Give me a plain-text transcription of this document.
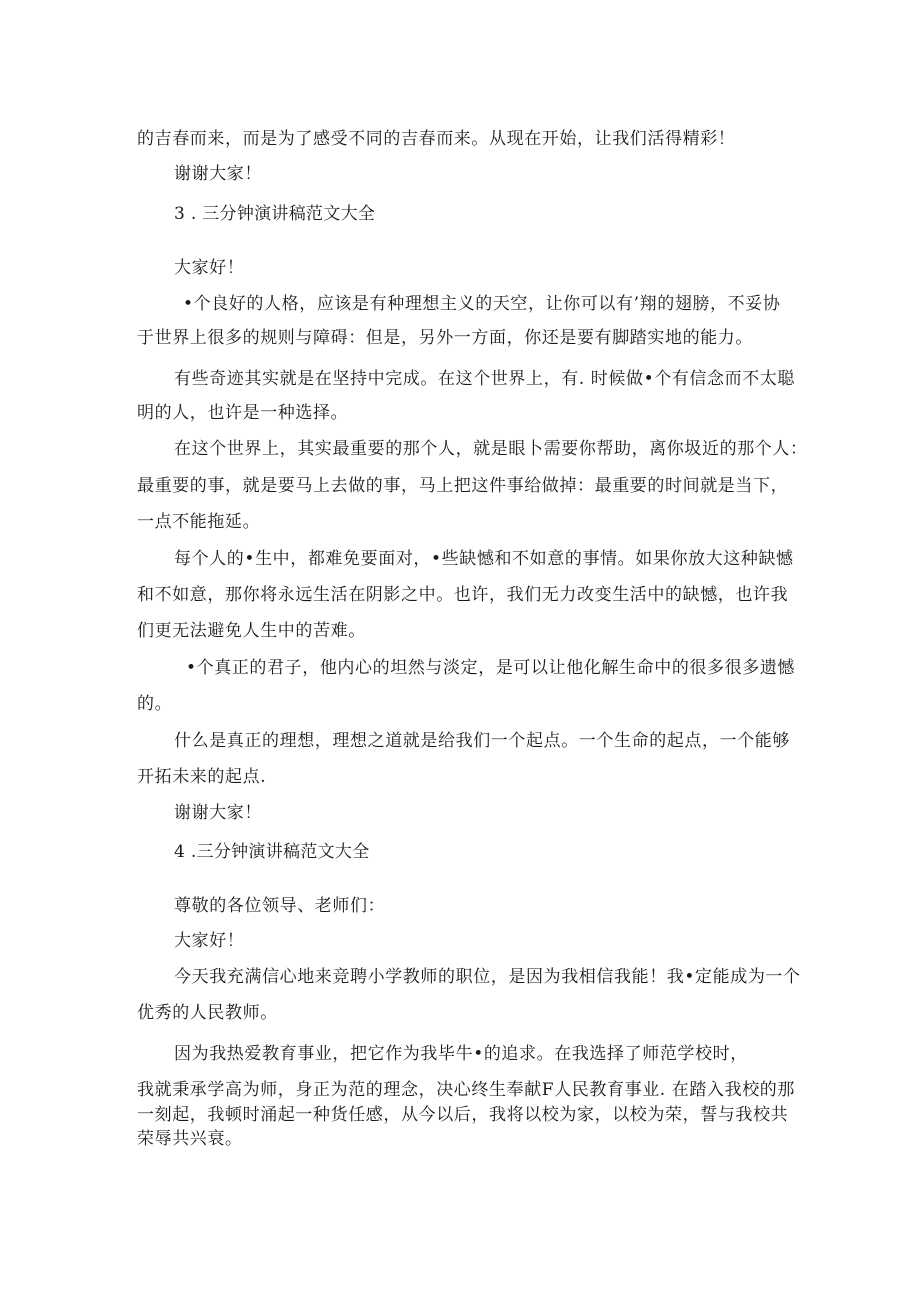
的吉春而来，而是为了感受不同的吉春而来。从现在开始，让我们活得精彩！

谢谢大家！

3 . 三分钟演讲稿范文大全

大家好！

•个良好的人格，应该是有种理想主义的天空，让你可以有’翔的翅膀，不妥协

于世界上很多的规则与障碍：但是，另外一方面，你还是要有脚踏实地的能力。

有些奇迹其实就是在坚持中完成。在这个世界上，有. 时候做•个有信念而不太聪

明的人，也许是一种选择。

在这个世界上，其实最重要的那个人，就是眼卜需要你帮助，离你圾近的那个人：

最重要的事，就是要马上去做的事，马上把这件事给做掉：最重要的时间就是当下，

一点不能拖延。

每个人的•生中，都难免要面对，•些缺憾和不如意的事情。如果你放大这种缺憾

和不如意，那你将永远生活在阴影之中。也许，我们无力改变生活中的缺憾，也许我

们更无法避免人生中的苦难。

•个真正的君子，他内心的坦然与淡定，是可以让他化解生命中的很多很多遗憾

的。

什么是真正的理想，理想之道就是给我们一个起点。一个生命的起点，一个能够

开拓未来的起点.

谢谢大家！

4 .三分钟演讲稿范文大全

尊敬的各位领导、老师们：

大家好！

今天我充满信心地来竞聘小学教师的职位，是因为我相信我能！我•定能成为一个

优秀的人民教师。

因为我热爱教育事业，把它作为我毕牛•的追求。在我选择了师范学校时，

我就秉承学高为师，身正为范的理念，决心终生奉献F人民教育事业. 在踏入我校的那

一刻起，我顿时涌起一种货任感，从今以后，我将以校为家，以校为荣，誓与我校共

荣辱共兴衰。
